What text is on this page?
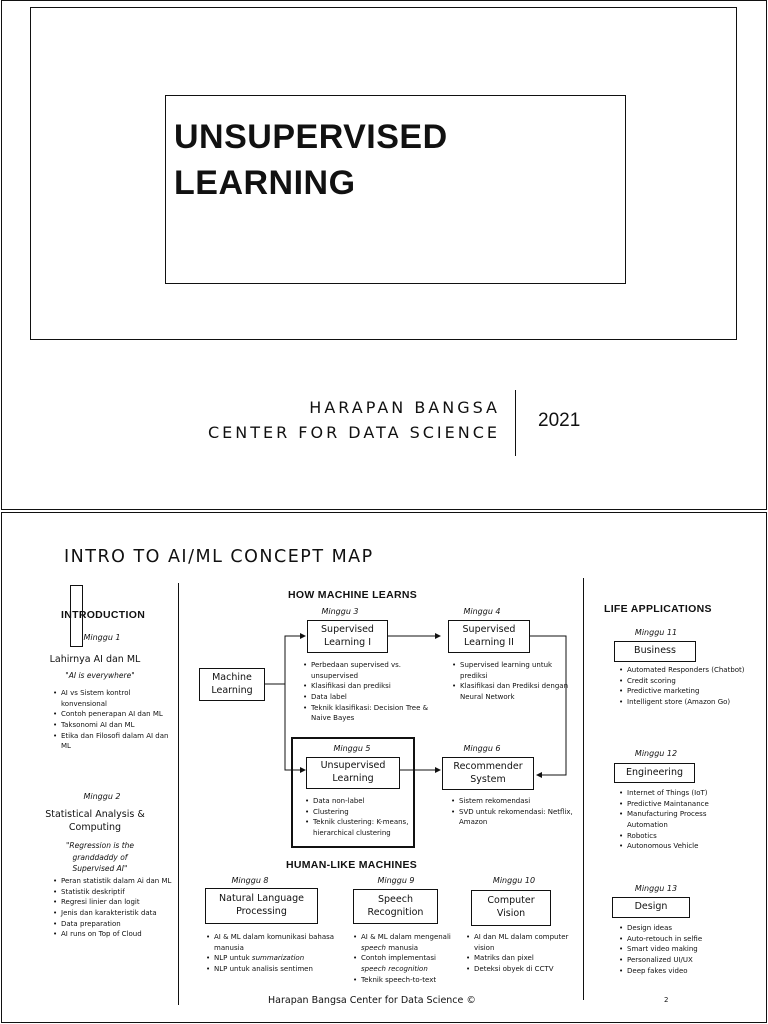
UNSUPERVISED
LEARNING
HARAPAN BANGSA
CENTER FOR DATA SCIENCE
2021
INTRO TO AI/ML CONCEPT MAP
INTRODUCTION
Minggu 1
Lahirnya AI dan ML
"AI is everywhere"
• AI vs Sistem kontrol konvensional
• Contoh penerapan AI dan ML
• Taksonomi AI dan ML
• Etika dan Filosofi dalam AI dan ML
Minggu 2
Statistical Analysis &
Computing
"Regression is the
granddaddy of
Supervised AI"
• Peran statistik dalam Ai dan ML
• Statistik deskriptif
• Regresi linier dan logit
• Jenis dan karakteristik data
• Data preparation
• AI runs on Top of Cloud
HOW MACHINE LEARNS
Machine
Learning
Minggu 3
Supervised
Learning I
• Perbedaan supervised vs. unsupervised
• Klasifikasi dan prediksi
• Data label
• Teknik klasifikasi: Decision Tree & Naive Bayes
Minggu 4
Supervised
Learning II
• Supervised learning untuk prediksi
• Klasifikasi dan Prediksi dengan Neural Network
Minggu 5
Unsupervised
Learning
• Data non-label
• Clustering
• Teknik clustering: K-means, hierarchical clustering
Minggu 6
Recommender
System
• Sistem rekomendasi
• SVD untuk rekomendasi: Netflix, Amazon
HUMAN-LIKE MACHINES
Minggu 8
Natural Language
Processing
• AI & ML dalam komunikasi bahasa manusia
• NLP untuk summarization
• NLP untuk analisis sentimen
Minggu 9
Speech
Recognition
• AI & ML dalam mengenali speech manusia
• Contoh implementasi speech recognition
• Teknik speech-to-text
Minggu 10
Computer
Vision
• AI dan ML dalam computer vision
• Matriks dan pixel
• Deteksi obyek di CCTV
LIFE APPLICATIONS
Minggu 11
Business
• Automated Responders (Chatbot)
• Credit scoring
• Predictive marketing
• Intelligent store (Amazon Go)
Minggu 12
Engineering
• Internet of Things (IoT)
• Predictive Maintanance
• Manufacturing Process Automation
• Robotics
• Autonomous Vehicle
Minggu 13
Design
• Design ideas
• Auto-retouch in selfie
• Smart video making
• Personalized UI/UX
• Deep fakes video
Harapan Bangsa Center for Data Science ©	2
